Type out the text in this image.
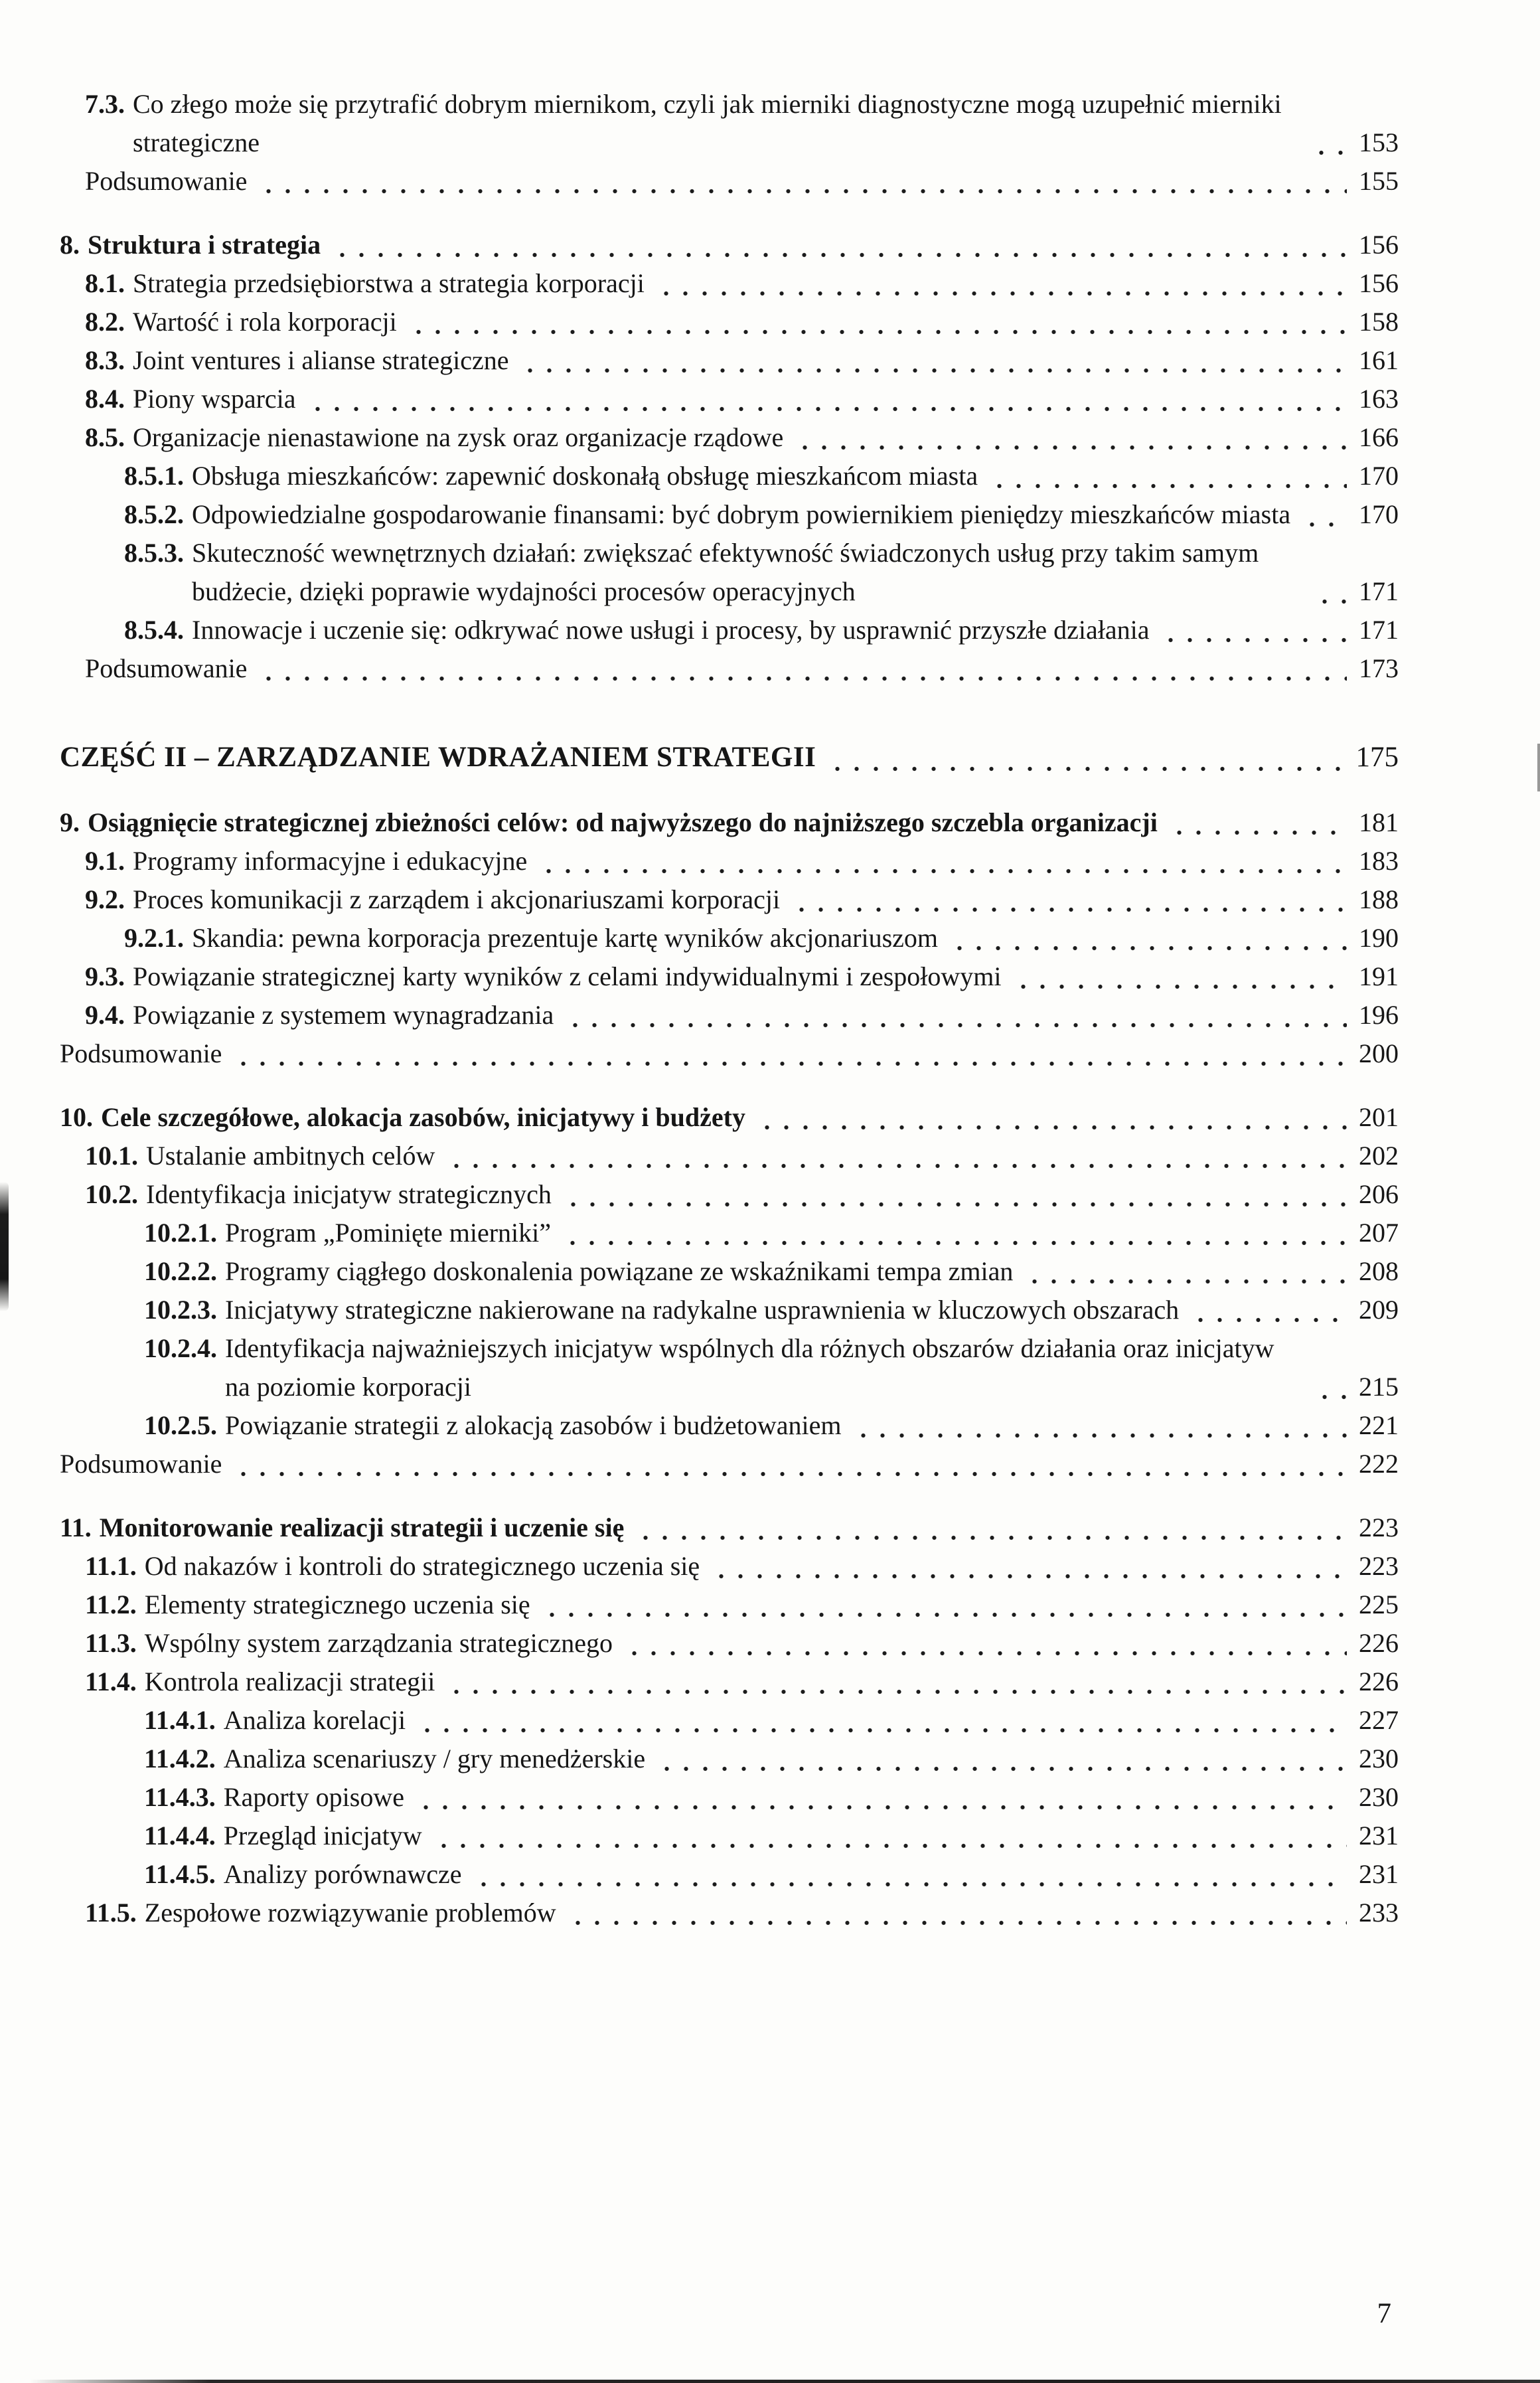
7.3. Co złego może się przytrafić dobrym miernikom, czyli jak mierniki diagnostyczne mogą uzupełnić mierniki strategiczne	153
Podsumowanie	155
8. Struktura i strategia	156
8.1. Strategia przedsiębiorstwa a strategia korporacji	156
8.2. Wartość i rola korporacji	158
8.3. Joint ventures i alianse strategiczne	161
8.4. Piony wsparcia	163
8.5. Organizacje nienastawione na zysk oraz organizacje rządowe	166
8.5.1. Obsługa mieszkańców: zapewnić doskonałą obsługę mieszkańcom miasta	170
8.5.2. Odpowiedzialne gospodarowanie finansami: być dobrym powiernikiem pieniędzy mieszkańców miasta	170
8.5.3. Skuteczność wewnętrznych działań: zwiększać efektywność świadczonych usług przy takim samym budżecie, dzięki poprawie wydajności procesów operacyjnych	171
8.5.4. Innowacje i uczenie się: odkrywać nowe usługi i procesy, by usprawnić przyszłe działania	171
Podsumowanie	173
CZĘŚĆ II – ZARZĄDZANIE WDRAŻANIEM STRATEGII	175
9. Osiągnięcie strategicznej zbieżności celów: od najwyższego do najniższego szczebla organizacji	181
9.1. Programy informacyjne i edukacyjne	183
9.2. Proces komunikacji z zarządem i akcjonariuszami korporacji	188
9.2.1. Skandia: pewna korporacja prezentuje kartę wyników akcjonariuszom	190
9.3. Powiązanie strategicznej karty wyników z celami indywidualnymi i zespołowymi	191
9.4. Powiązanie z systemem wynagradzania	196
Podsumowanie	200
10. Cele szczegółowe, alokacja zasobów, inicjatywy i budżety	201
10.1. Ustalanie ambitnych celów	202
10.2. Identyfikacja inicjatyw strategicznych	206
10.2.1. Program „Pominięte mierniki”	207
10.2.2. Programy ciągłego doskonalenia powiązane ze wskaźnikami tempa zmian	208
10.2.3. Inicjatywy strategiczne nakierowane na radykalne usprawnienia w kluczowych obszarach	209
10.2.4. Identyfikacja najważniejszych inicjatyw wspólnych dla różnych obszarów działania oraz inicjatyw na poziomie korporacji	215
10.2.5. Powiązanie strategii z alokacją zasobów i budżetowaniem	221
Podsumowanie	222
11. Monitorowanie realizacji strategii i uczenie się	223
11.1. Od nakazów i kontroli do strategicznego uczenia się	223
11.2. Elementy strategicznego uczenia się	225
11.3. Wspólny system zarządzania strategicznego	226
11.4. Kontrola realizacji strategii	226
11.4.1. Analiza korelacji	227
11.4.2. Analiza scenariuszy / gry menedżerskie	230
11.4.3. Raporty opisowe	230
11.4.4. Przegląd inicjatyw	231
11.4.5. Analizy porównawcze	231
11.5. Zespołowe rozwiązywanie problemów	233
7
